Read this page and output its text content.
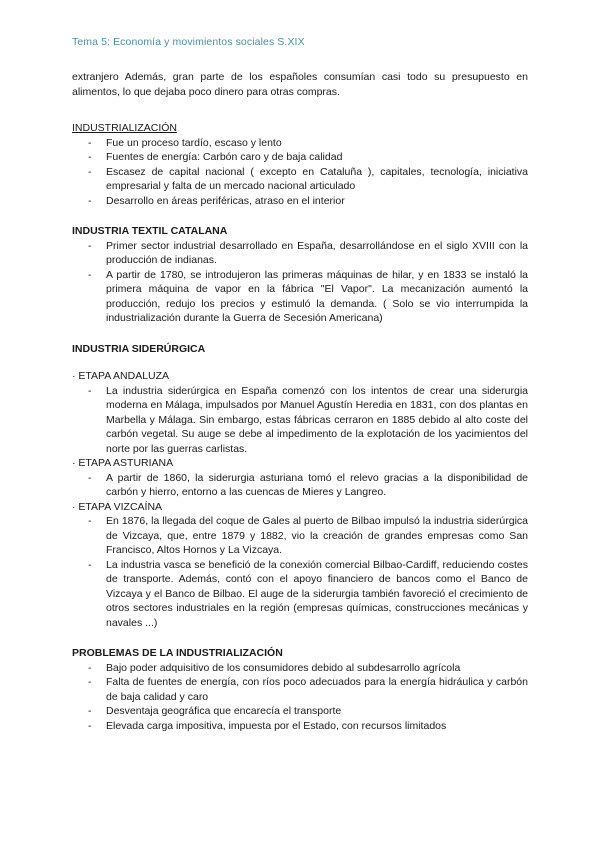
Tema 5: Economía y movimientos sociales S.XIX

extranjero Además, gran parte de los españoles consumían casi todo su presupuesto en alimentos, lo que dejaba poco dinero para otras compras.

INDUSTRIALIZACIÓN
- Fue un proceso tardío, escaso y lento
- Fuentes de energía: Carbón caro y de baja calidad
- Escasez de capital nacional ( excepto en Cataluña ), capitales, tecnología, iniciativa empresarial y falta de un mercado nacional articulado
- Desarrollo en áreas periféricas, atraso en el interior
INDUSTRIA TEXTIL CATALANA
- Primer sector industrial desarrollado en España, desarrollándose en el siglo XVIII con la producción de indianas.
- A partir de 1780, se introdujeron las primeras máquinas de hilar, y en 1833 se instaló la primera máquina de vapor en la fábrica "El Vapor". La mecanización aumentó la producción, redujo los precios y estimuló la demanda. ( Solo se vio interrumpida la industrialización durante la Guerra de Secesión Americana)
INDUSTRIA SIDERÚRGICA
· ETAPA ANDALUZA
- La industria siderúrgica en España comenzó con los intentos de crear una siderurgia moderna en Málaga, impulsados por Manuel Agustín Heredia en 1831, con dos plantas en Marbella y Málaga. Sin embargo, estas fábricas cerraron en 1885 debido al alto coste del carbón vegetal. Su auge se debe al impedimento de la explotación de los yacimientos del norte por las guerras carlistas.
· ETAPA ASTURIANA
- A partir de 1860, la siderurgia asturiana tomó el relevo gracias a la disponibilidad de carbón y hierro, entorno a las cuencas de Mieres y Langreo.
· ETAPA VIZCAÍNA
- En 1876, la llegada del coque de Gales al puerto de Bilbao impulsó la industria siderúrgica de Vizcaya, que, entre 1879 y 1882, vio la creación de grandes empresas como San Francisco, Altos Hornos y La Vizcaya.
- La industria vasca se benefició de la conexión comercial Bilbao-Cardiff, reduciendo costes de transporte. Además, contó con el apoyo financiero de bancos como el Banco de Vizcaya y el Banco de Bilbao. El auge de la siderurgia también favoreció el crecimiento de otros sectores industriales en la región (empresas químicas, construcciones mecánicas y navales ...)
PROBLEMAS DE LA INDUSTRIALIZACIÓN
- Bajo poder adquisitivo de los consumidores debido al subdesarrollo agrícola
- Falta de fuentes de energía, con ríos poco adecuados para la energía hidráulica y carbón de baja calidad y caro
- Desventaja geográfica que encarecía el transporte
- Elevada carga impositiva, impuesta por el Estado, con recursos limitados
